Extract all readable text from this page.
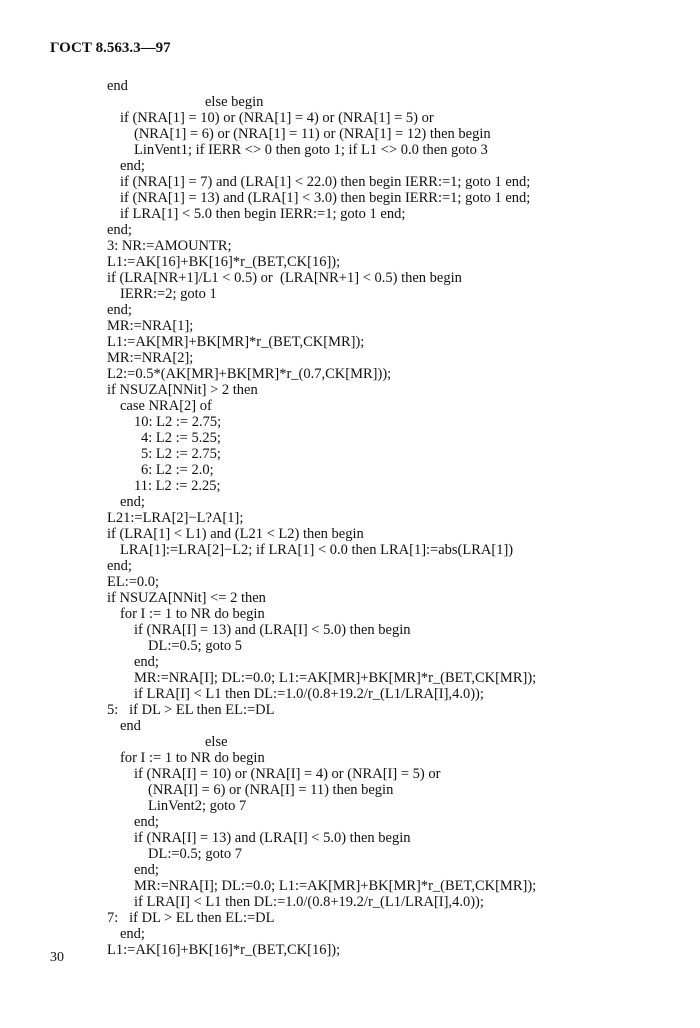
ГОСТ 8.563.3—97
end
else begin
if (NRA[1] = 10) or (NRA[1] = 4) or (NRA[1] = 5) or
(NRA[1] = 6) or (NRA[1] = 11) or (NRA[1] = 12) then begin
LinVent1; if IERR <> 0 then goto 1; if L1 <> 0.0 then goto 3
end;
if (NRA[1] = 7) and (LRA[1] < 22.0) then begin IERR:=1; goto 1 end;
if (NRA[1] = 13) and (LRA[1] < 3.0) then begin IERR:=1; goto 1 end;
if LRA[1] < 5.0 then begin IERR:=1; goto 1 end;
end;
3: NR:=AMOUNTR;
L1:=AK[16]+BK[16]*r_(BET,CK[16]);
if (LRA[NR+1]/L1 < 0.5) or  (LRA[NR+1] < 0.5) then begin
IERR:=2; goto 1
end;
MR:=NRA[1];
L1:=AK[MR]+BK[MR]*r_(BET,CK[MR]);
MR:=NRA[2];
L2:=0.5*(AK[MR]+BK[MR]*r_(0.7,CK[MR]));
if NSUZA[NNit] > 2 then
case NRA[2] of
10: L2 := 2.75;
4: L2 := 5.25;
5: L2 := 2.75;
6: L2 := 2.0;
11: L2 := 2.25;
end;
L21:=LRA[2]−L?A[1];
if (LRA[1] < L1) and (L21 < L2) then begin
LRA[1]:=LRA[2]−L2; if LRA[1] < 0.0 then LRA[1]:=abs(LRA[1])
end;
EL:=0.0;
if NSUZA[NNit] <= 2 then
for I := 1 to NR do begin
if (NRA[I] = 13) and (LRA[I] < 5.0) then begin
DL:=0.5; goto 5
end;
MR:=NRA[I]; DL:=0.0; L1:=AK[MR]+BK[MR]*r_(BET,CK[MR]);
if LRA[I] < L1 then DL:=1.0/(0.8+19.2/r_(L1/LRA[I],4.0));
5:   if DL > EL then EL:=DL
end
else
for I := 1 to NR do begin
if (NRA[I] = 10) or (NRA[I] = 4) or (NRA[I] = 5) or
(NRA[I] = 6) or (NRA[I] = 11) then begin
LinVent2; goto 7
end;
if (NRA[I] = 13) and (LRA[I] < 5.0) then begin
DL:=0.5; goto 7
end;
MR:=NRA[I]; DL:=0.0; L1:=AK[MR]+BK[MR]*r_(BET,CK[MR]);
if LRA[I] < L1 then DL:=1.0/(0.8+19.2/r_(L1/LRA[I],4.0));
7:   if DL > EL then EL:=DL
end;
L1:=AK[16]+BK[16]*r_(BET,CK[16]);
30
